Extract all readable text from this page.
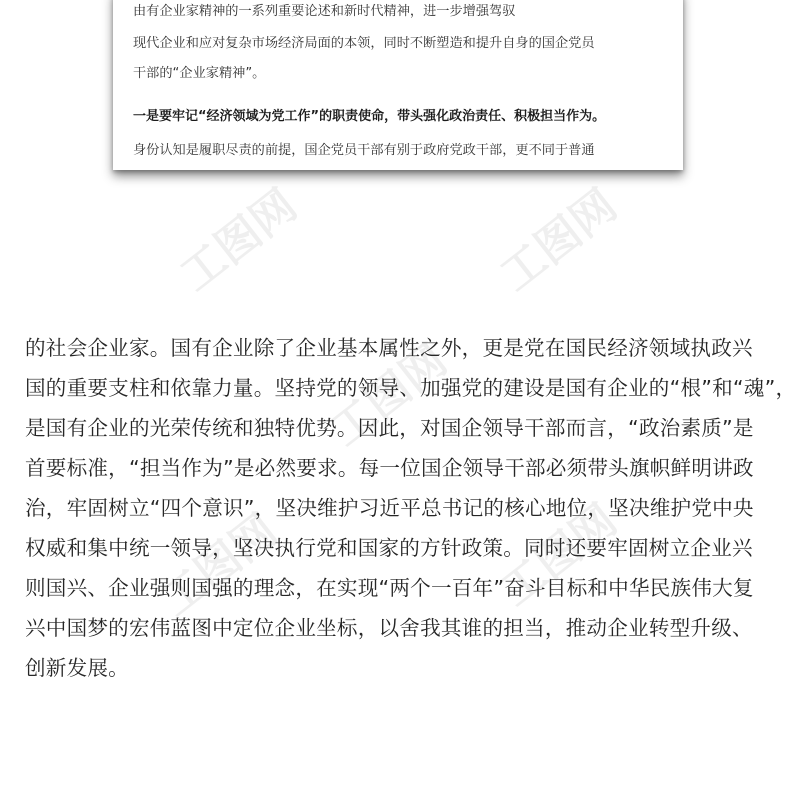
由有企业家精神的一系列重要论述和新时代精神，进一步增强驾驭
现代企业和应对复杂市场经济局面的本领，同时不断塑造和提升自身的国企党员
干部的“企业家精神”。
一是要牢记“经济领域为党工作”的职责使命，带头强化政治责任、积极担当作为。
身份认知是履职尽责的前提，国企党员干部有别于政府党政干部，更不同于普通
工图网	工图网
工图网
工图网	工图网
的社会企业家。国有企业除了企业基本属性之外，更是党在国民经济领域执政兴
国的重要支柱和依靠力量。坚持党的领导、加强党的建设是国有企业的“根”和“魂”，
是国有企业的光荣传统和独特优势。因此，对国企领导干部而言，“政治素质”是
首要标准，“担当作为”是必然要求。每一位国企领导干部必须带头旗帜鲜明讲政
治，牢固树立“四个意识”，坚决维护习近平总书记的核心地位，坚决维护党中央
权威和集中统一领导，坚决执行党和国家的方针政策。同时还要牢固树立企业兴
则国兴、企业强则国强的理念，在实现“两个一百年”奋斗目标和中华民族伟大复
兴中国梦的宏伟蓝图中定位企业坐标，以舍我其谁的担当，推动企业转型升级、
创新发展。
